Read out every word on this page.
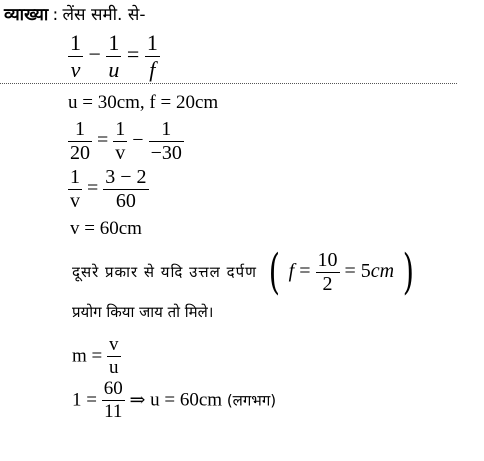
व्याख्या : लेंस समी. से-
$\frac{1}{v} - \frac{1}{u} = \frac{1}{f}$
u = 30cm, f = 20cm
$\frac{1}{20} = \frac{1}{v} - \frac{1}{-30}$
$\frac{1}{v} = \frac{3 - 2}{60}$
v = 60cm
दूसरे प्रकार से यदि उत्तल दर्पण ( $f = \frac{10}{2} = 5cm$ )
प्रयोग किया जाय तो मिले।
$m = \frac{v}{u}$
$1 = \frac{60}{11}$ ⇒ u = 60cm (लगभग)
